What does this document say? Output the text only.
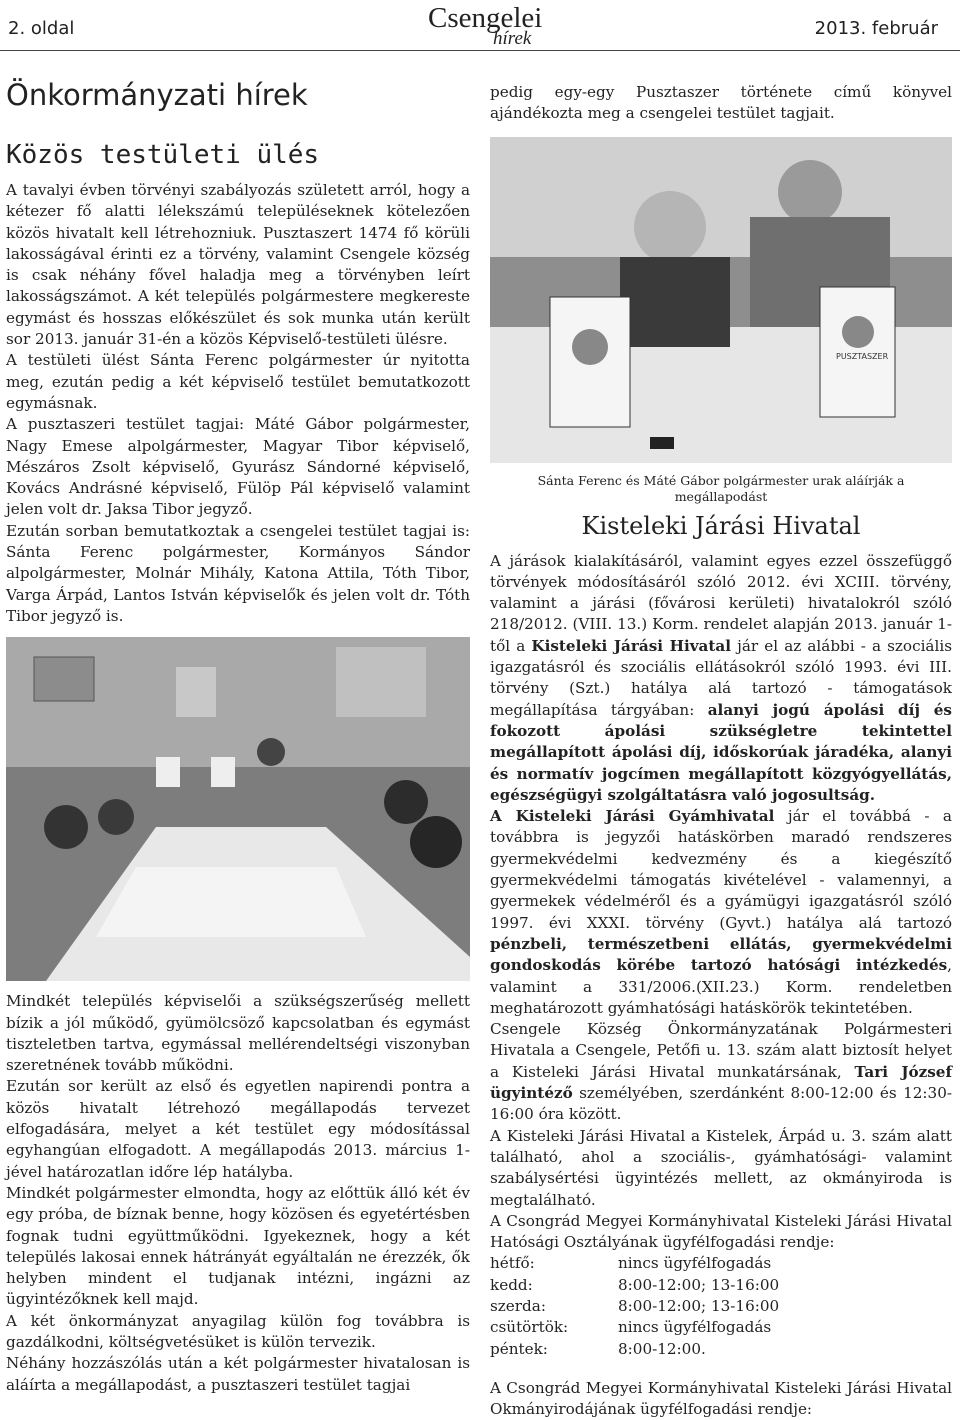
2. oldal	Csengelei
hírek	2013. február
Önkormányzati hírek
Közös testületi ülés

A tavalyi évben törvényi szabályozás született arról, hogy a kétezer fő alatti lélekszámú településeknek kötelezően közös hivatalt kell létrehozniuk. Pusztaszert 1474 fő körüli lakosságával érinti ez a törvény, valamint Csengele község is csak néhány fővel haladja meg a törvényben leírt lakosságszámot. A két település polgármestere megkereste egymást és hosszas előkészület és sok munka után került sor 2013. január 31-én a közös Képviselő-testületi ülésre.

A testületi ülést Sánta Ferenc polgármester úr nyitotta meg, ezután pedig a két képviselő testület bemutatkozott egymásnak.

A pusztaszeri testület tagjai: Máté Gábor polgármester, Nagy Emese alpolgármester, Magyar Tibor képviselő, Mészáros Zsolt képviselő, Gyurász Sándorné képviselő, Kovács Andrásné képviselő, Fülöp Pál képviselő valamint jelen volt dr. Jaksa Tibor jegyző.

Ezután sorban bemutatkoztak a csengelei testület tagjai is: Sánta Ferenc polgármester, Kormányos Sándor alpolgármester, Molnár Mihály, Katona Attila, Tóth Tibor, Varga Árpád, Lantos István képviselők és jelen volt dr. Tóth Tibor jegyző is.

Mindkét település képviselői a szükségszerűség mellett bízik a jól működő, gyümölcsöző kapcsolatban és egymást tiszteletben tartva, egymással mellérendeltségi viszonyban szeretnének tovább működni.

Ezután sor került az első és egyetlen napirendi pontra a közös hivatalt létrehozó megállapodás tervezet elfogadására, melyet a két testület egy módosítással egyhangúan elfogadott. A megállapodás 2013. március 1-jével határozatlan időre lép hatályba.

Mindkét polgármester elmondta, hogy az előttük álló két év egy próba, de bíznak benne, hogy közösen és egyetértésben fognak tudni együttműködni. Igyekeznek, hogy a két település lakosai ennek hátrányát egyáltalán ne érezzék, ők helyben mindent el tudjanak intézni, ingázni az ügyintézőknek kell majd.

A két önkormányzat anyagilag külön fog továbbra is gazdálkodni, költségvetésüket is külön tervezik.

Néhány hozzászólás után a két polgármester hivatalosan is aláírta a megállapodást, a pusztaszeri testület tagjai

pedig egy-egy Pusztaszer története című könyvel ajándékozta meg a csengelei testület tagjait.

PUSZTASZER
Sánta Ferenc és Máté Gábor polgármester urak aláírják a megállapodást
Kisteleki Járási Hivatal

A járások kialakításáról, valamint egyes ezzel összefüggő törvények módosításáról szóló 2012. évi XCIII. törvény, valamint a járási (fővárosi kerületi) hivatalokról szóló 218/2012. (VIII. 13.) Korm. rendelet alapján 2013. január 1-től a Kisteleki Járási Hivatal jár el az alábbi - a szociális igazgatásról és szociális ellátásokról szóló 1993. évi III. törvény (Szt.) hatálya alá tartozó - támogatások megállapítása tárgyában: alanyi jogú ápolási díj és fokozott ápolási szükségletre tekintettel megállapított ápolási díj, időskorúak járadéka, alanyi és normatív jogcímen megállapított közgyógyellátás, egészségügyi szolgáltatásra való jogosultság.

A Kisteleki Járási Gyámhivatal jár el továbbá - a továbbra is jegyzői hatáskörben maradó rendszeres gyermekvédelmi kedvezmény és a kiegészítő gyermekvédelmi támogatás kivételével - valamennyi, a gyermekek védelméről és a gyámügyi igazgatásról szóló 1997. évi XXXI. törvény (Gyvt.) hatálya alá tartozó pénzbeli, természetbeni ellátás, gyermekvédelmi gondoskodás körébe tartozó hatósági intézkedés, valamint a 331/2006.(XII.23.) Korm. rendeletben meghatározott gyámhatósági hatáskörök tekintetében.

Csengele Község Önkormányzatának Polgármesteri Hivatala a Csengele, Petőfi u. 13. szám alatt biztosít helyet a Kisteleki Járási Hivatal munkatársának, Tari József ügyintéző személyében, szerdánként 8:00-12:00 és 12:30-16:00 óra között.

A Kisteleki Járási Hivatal a Kistelek, Árpád u. 3. szám alatt található, ahol a szociális-, gyámhatósági- valamint szabálysértési ügyintézés mellett, az okmányiroda is megtalálható.

A Csongrád Megyei Kormányhivatal Kisteleki Járási Hivatal Hatósági Osztályának ügyfélfogadási rendje:

hétfő:	nincs ügyfélfogadás
kedd:	8:00-12:00; 13-16:00
szerda:	8:00-12:00; 13-16:00
csütörtök:	nincs ügyfélfogadás
péntek:	8:00-12:00.

A Csongrád Megyei Kormányhivatal Kisteleki Járási Hivatal Okmányirodájának ügyfélfogadási rendje:
